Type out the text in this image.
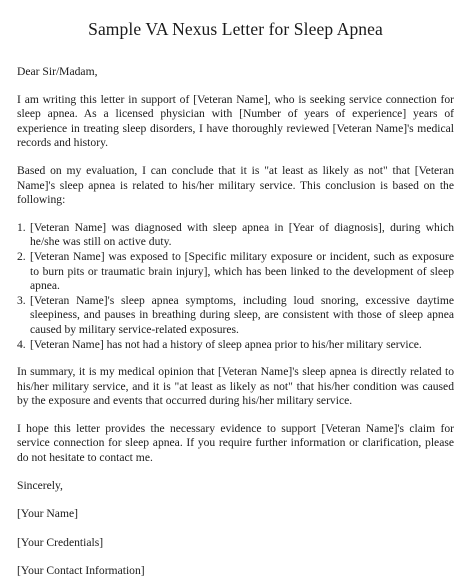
Sample VA Nexus Letter for Sleep Apnea

Dear Sir/Madam,

I am writing this letter in support of [Veteran Name], who is seeking service connection for sleep apnea. As a licensed physician with [Number of years of experience] years of experience in treating sleep disorders, I have thoroughly reviewed [Veteran Name]'s medical records and history.

Based on my evaluation, I can conclude that it is "at least as likely as not" that [Veteran Name]'s sleep apnea is related to his/her military service. This conclusion is based on the following:

1. [Veteran Name] was diagnosed with sleep apnea in [Year of diagnosis], during which he/she was still on active duty.
2. [Veteran Name] was exposed to [Specific military exposure or incident, such as exposure to burn pits or traumatic brain injury], which has been linked to the development of sleep apnea.
3. [Veteran Name]'s sleep apnea symptoms, including loud snoring, excessive daytime sleepiness, and pauses in breathing during sleep, are consistent with those of sleep apnea caused by military service-related exposures.
4. [Veteran Name] has not had a history of sleep apnea prior to his/her military service.

In summary, it is my medical opinion that [Veteran Name]'s sleep apnea is directly related to his/her military service, and it is "at least as likely as not" that his/her condition was caused by the exposure and events that occurred during his/her military service.

I hope this letter provides the necessary evidence to support [Veteran Name]'s claim for service connection for sleep apnea. If you require further information or clarification, please do not hesitate to contact me.

Sincerely,

[Your Name]

[Your Credentials]

[Your Contact Information]
